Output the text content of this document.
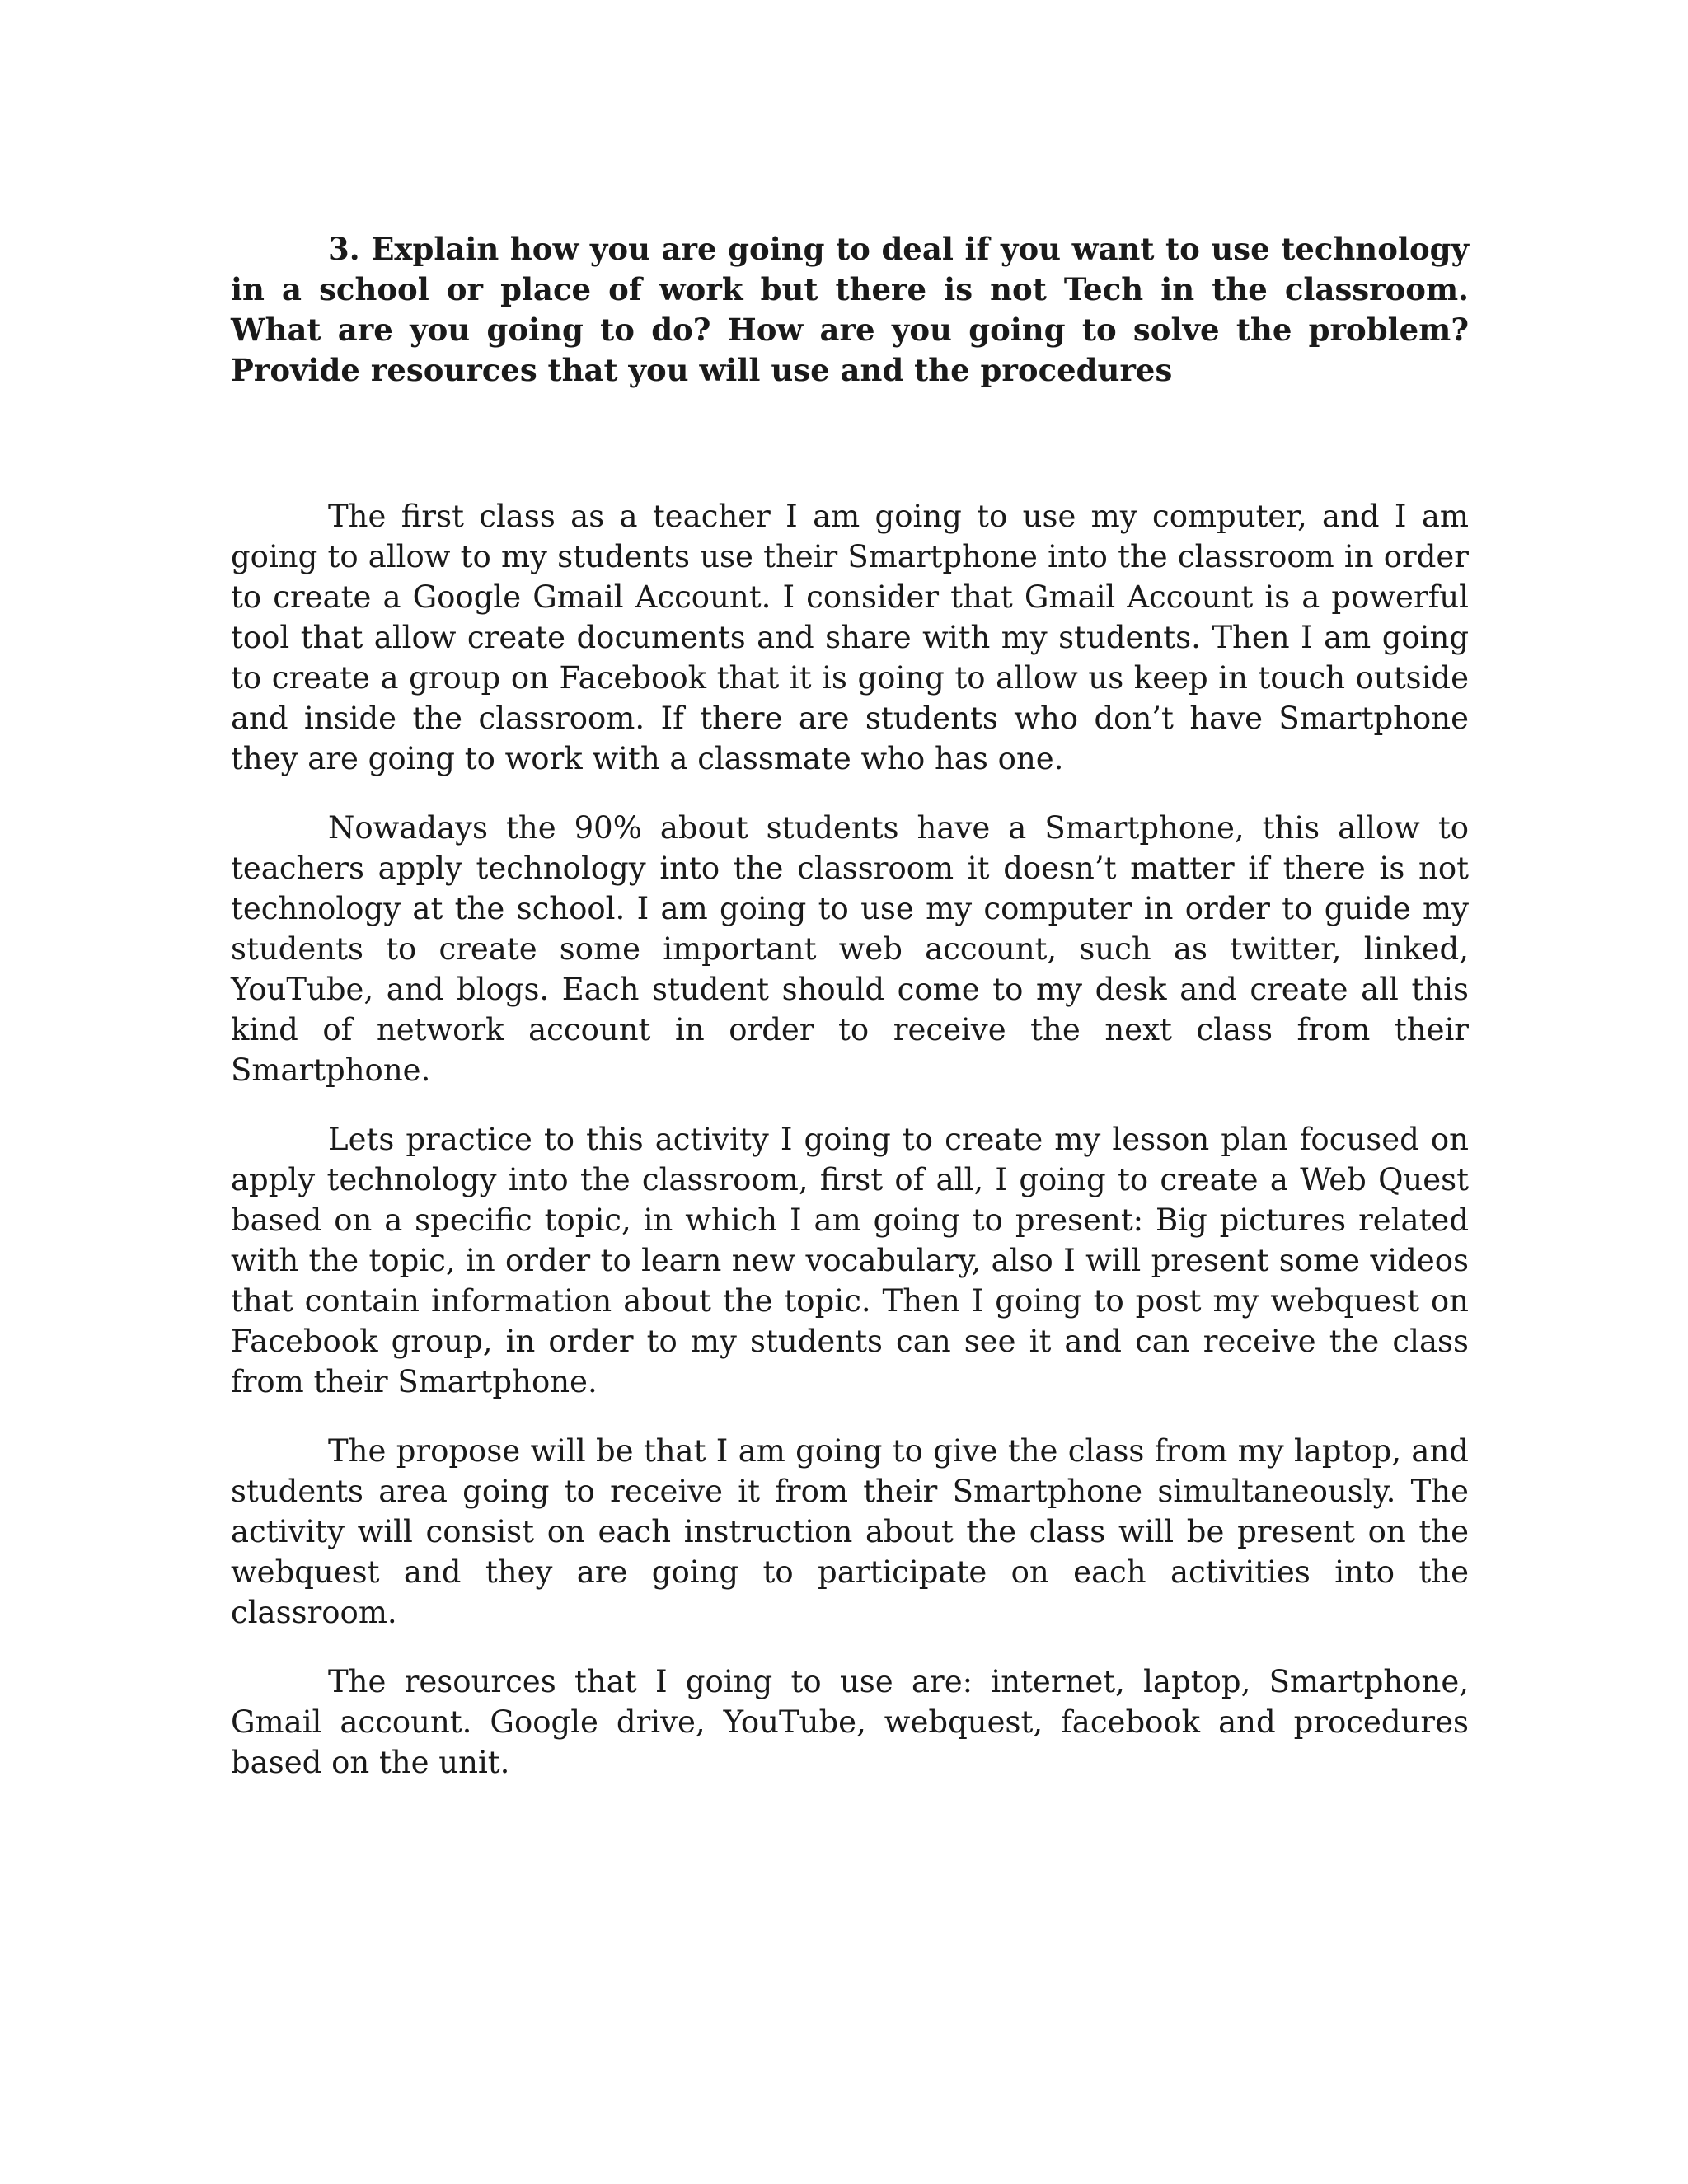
3. Explain how you are going to deal if you want to use technology in a school or place of work but there is not Tech in the classroom. What are you going to do? How are you going to solve the problem? Provide resources that you will use and the procedures

The first class as a teacher I am going to use my computer, and I am going to allow to my students use their Smartphone into the classroom in order to create a Google Gmail Account. I consider that Gmail Account is a powerful tool that allow create documents and share with my students. Then I am going to create a group on Facebook that it is going to allow us keep in touch outside and inside the classroom. If there are students who don’t have Smartphone they are going to work with a classmate who has one.

Nowadays the 90% about students have a Smartphone, this allow to teachers apply technology into the classroom it doesn’t matter if there is not technology at the school. I am going to use my computer in order to guide my students to create some important web account, such as twitter, linked, YouTube, and blogs. Each student should come to my desk and create all this kind of network account in order to receive the next class from their Smartphone.

Lets practice to this activity I going to create my lesson plan focused on apply technology into the classroom, first of all, I going to create a Web Quest based on a specific topic, in which I am going to present: Big pictures related with the topic, in order to learn new vocabulary, also I will present some videos that contain information about the topic. Then I going to post my webquest on Facebook group, in order to my students can see it and can receive the class from their Smartphone.

The propose will be that I am going to give the class from my laptop, and students area going to receive it from their Smartphone simultaneously. The activity will consist on each instruction about the class will be present on the webquest and they are going to participate on each activities into the classroom.

The resources that I going to use are: internet, laptop, Smartphone, Gmail account. Google drive, YouTube, webquest, facebook and procedures based on the unit.
